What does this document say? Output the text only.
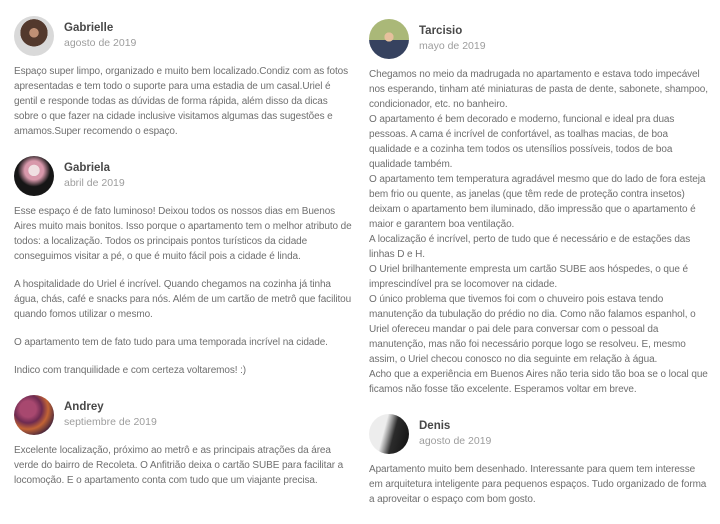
Gabrielle
agosto de 2019

Espaço super limpo, organizado e muito bem localizado.Condiz com as fotos apresentadas e tem todo o suporte para uma estadia de um casal.Uriel é gentil e responde todas as dúvidas de forma rápida, além disso da dicas sobre o que fazer na cidade inclusive visitamos algumas das sugestões e amamos.Super recomendo o espaço.

Gabriela
abril de 2019

Esse espaço é de fato luminoso! Deixou todos os nossos dias em Buenos Aires muito mais bonitos. Isso porque o apartamento tem o melhor atributo de todos: a localização. Todos os principais pontos turísticos da cidade conseguimos visitar a pé, o que é muito fácil pois a cidade é linda.

A hospitalidade do Uriel é incrível. Quando chegamos na cozinha já tinha água, chás, café e snacks para nós. Além de um cartão de metrô que facilitou quando fomos utilizar o mesmo.

O apartamento tem de fato tudo para uma temporada incrível na cidade.

Indico com tranquilidade e com certeza voltaremos! :)

Andrey
septiembre de 2019

Excelente localização, próximo ao metrô e as principais atrações da área verde do bairro de Recoleta. O Anfitrião deixa o cartão SUBE para facilitar a locomoção. E o apartamento conta com tudo que um viajante precisa.

Tarcisio
mayo de 2019

Chegamos no meio da madrugada no apartamento e estava todo impecável nos esperando, tinham até miniaturas de pasta de dente, sabonete, shampoo, condicionador, etc. no banheiro.

O apartamento é bem decorado e moderno, funcional e ideal pra duas pessoas. A cama é incrível de confortável, as toalhas macias, de boa qualidade e a cozinha tem todos os utensílios possíveis, todos de boa qualidade também.

O apartamento tem temperatura agradável mesmo que do lado de fora esteja bem frio ou quente, as janelas (que têm rede de proteção contra insetos) deixam o apartamento bem iluminado, dão impressão que o apartamento é maior e garantem boa ventilação.

A localização é incrível, perto de tudo que é necessário e de estações das linhas D e H.

O Uriel brilhantemente empresta um cartão SUBE aos hóspedes, o que é imprescindível pra se locomover na cidade.

O único problema que tivemos foi com o chuveiro pois estava tendo manutenção da tubulação do prédio no dia. Como não falamos espanhol, o Uriel ofereceu mandar o pai dele para conversar com o pessoal da manutenção, mas não foi necessário porque logo se resolveu. E, mesmo assim, o Uriel checou conosco no dia seguinte em relação à água.

Acho que a experiência em Buenos Aires não teria sido tão boa se o local que ficamos não fosse tão excelente. Esperamos voltar em breve.

Denis
agosto de 2019

Apartamento muito bem desenhado. Interessante para quem tem interesse em arquitetura inteligente para pequenos espaços. Tudo organizado de forma a aproveitar o espaço com bom gosto.
